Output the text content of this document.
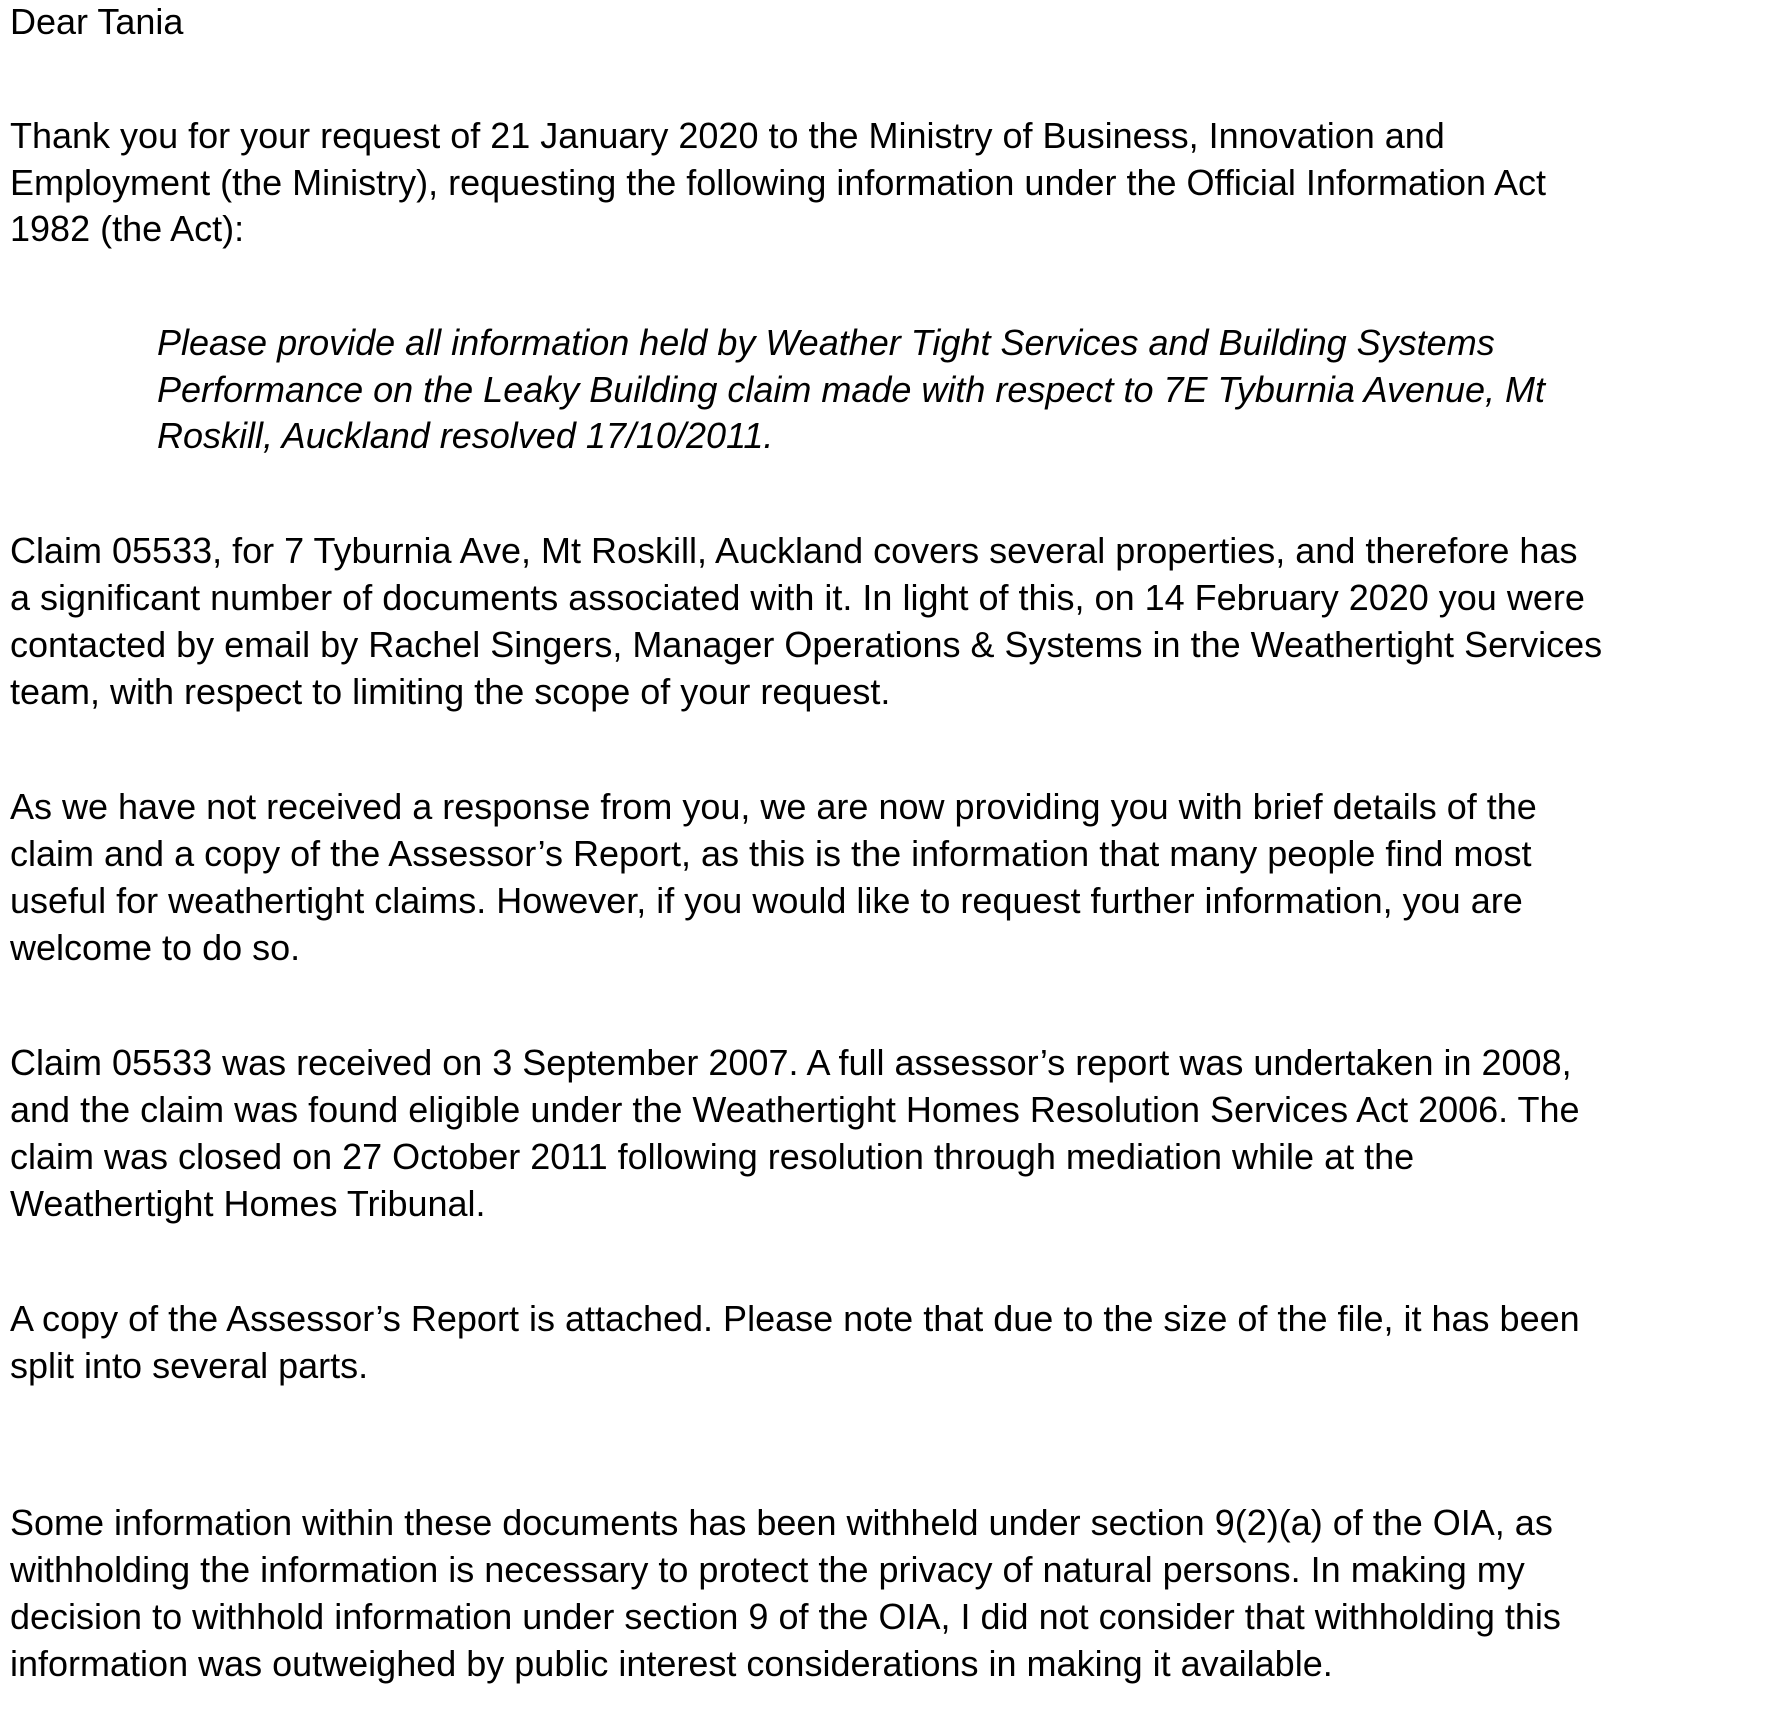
Dear Tania
Thank you for your request of 21 January 2020 to the Ministry of Business, Innovation and
Employment (the Ministry), requesting the following information under the Official Information Act
1982 (the Act):
Please provide all information held by Weather Tight Services and Building Systems
Performance on the Leaky Building claim made with respect to 7E Tyburnia Avenue, Mt
Roskill, Auckland resolved 17/10/2011.
Claim 05533, for 7 Tyburnia Ave, Mt Roskill, Auckland covers several properties, and therefore has
a significant number of documents associated with it. In light of this, on 14 February 2020 you were
contacted by email by Rachel Singers, Manager Operations & Systems in the Weathertight Services
team, with respect to limiting the scope of your request.
As we have not received a response from you, we are now providing you with brief details of the
claim and a copy of the Assessor’s Report, as this is the information that many people find most
useful for weathertight claims. However, if you would like to request further information, you are
welcome to do so.
Claim 05533 was received on 3 September 2007. A full assessor’s report was undertaken in 2008,
and the claim was found eligible under the Weathertight Homes Resolution Services Act 2006. The
claim was closed on 27 October 2011 following resolution through mediation while at the
Weathertight Homes Tribunal.
A copy of the Assessor’s Report is attached. Please note that due to the size of the file, it has been
split into several parts.
Some information within these documents has been withheld under section 9(2)(a) of the OIA, as
withholding the information is necessary to protect the privacy of natural persons. In making my
decision to withhold information under section 9 of the OIA, I did not consider that withholding this
information was outweighed by public interest considerations in making it available.
